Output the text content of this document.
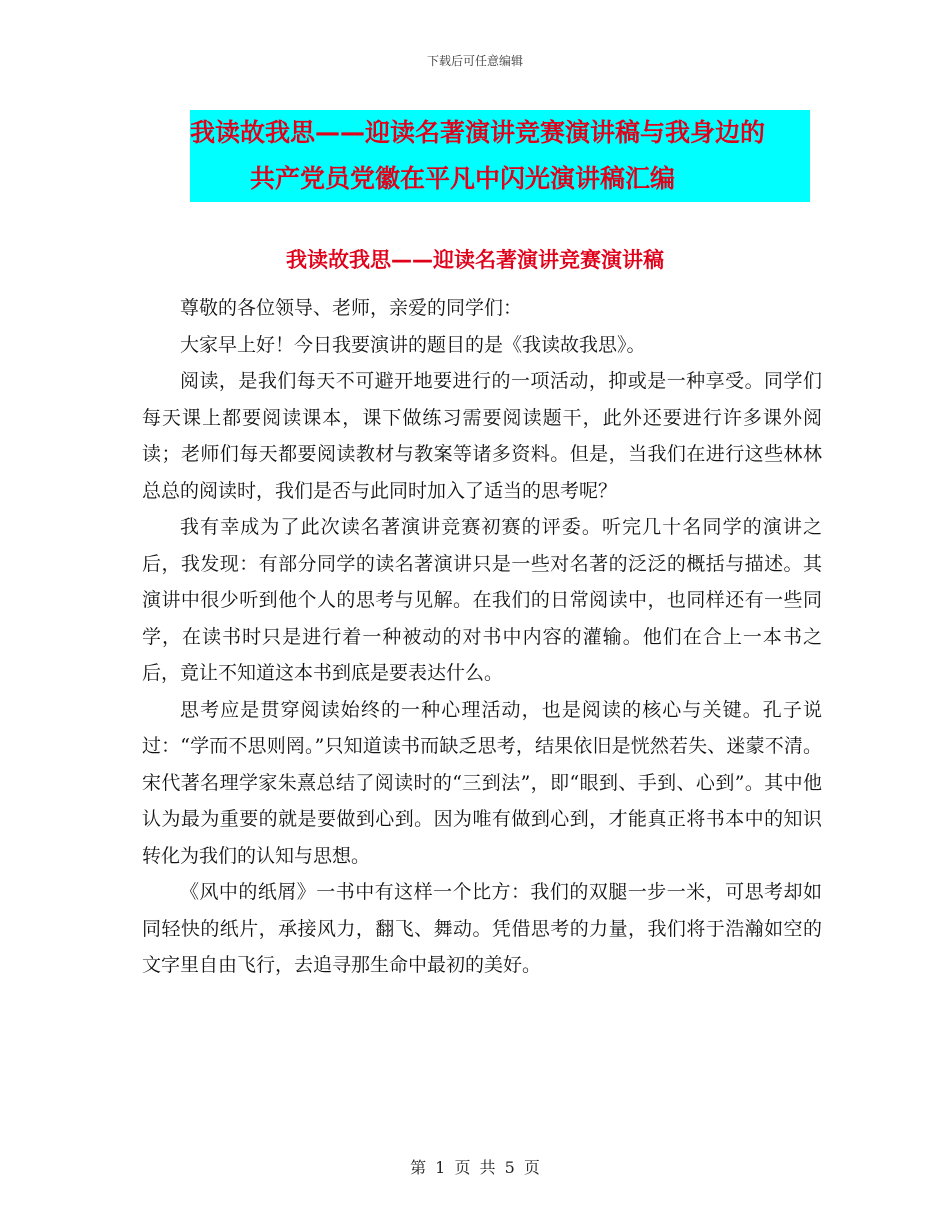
下载后可任意编辑
我读故我思——迎读名著演讲竞赛演讲稿与我身边的
共产党员党徽在平凡中闪光演讲稿汇编
我读故我思——迎读名著演讲竞赛演讲稿

尊敬的各位领导、老师，亲爱的同学们：

大家早上好！今日我要演讲的题目的是《我读故我思》。

阅读，是我们每天不可避开地要进行的一项活动，抑或是一种享受。同学们每天课上都要阅读课本，课下做练习需要阅读题干，此外还要进行许多课外阅读；老师们每天都要阅读教材与教案等诸多资料。但是，当我们在进行这些林林总总的阅读时，我们是否与此同时加入了适当的思考呢？

我有幸成为了此次读名著演讲竞赛初赛的评委。听完几十名同学的演讲之后，我发现：有部分同学的读名著演讲只是一些对名著的泛泛的概括与描述。其演讲中很少听到他个人的思考与见解。在我们的日常阅读中，也同样还有一些同学，在读书时只是进行着一种被动的对书中内容的灌输。他们在合上一本书之后，竟让不知道这本书到底是要表达什么。

思考应是贯穿阅读始终的一种心理活动，也是阅读的核心与关键。孔子说过：“学而不思则罔。”只知道读书而缺乏思考，结果依旧是恍然若失、迷蒙不清。宋代著名理学家朱熹总结了阅读时的“三到法”，即“眼到、手到、心到”。其中他认为最为重要的就是要做到心到。因为唯有做到心到，才能真正将书本中的知识转化为我们的认知与思想。

《风中的纸屑》一书中有这样一个比方：我们的双腿一步一米，可思考却如同轻快的纸片，承接风力，翻飞、舞动。凭借思考的力量，我们将于浩瀚如空的文字里自由飞行，去追寻那生命中最初的美好。

第 1 页 共 5 页
